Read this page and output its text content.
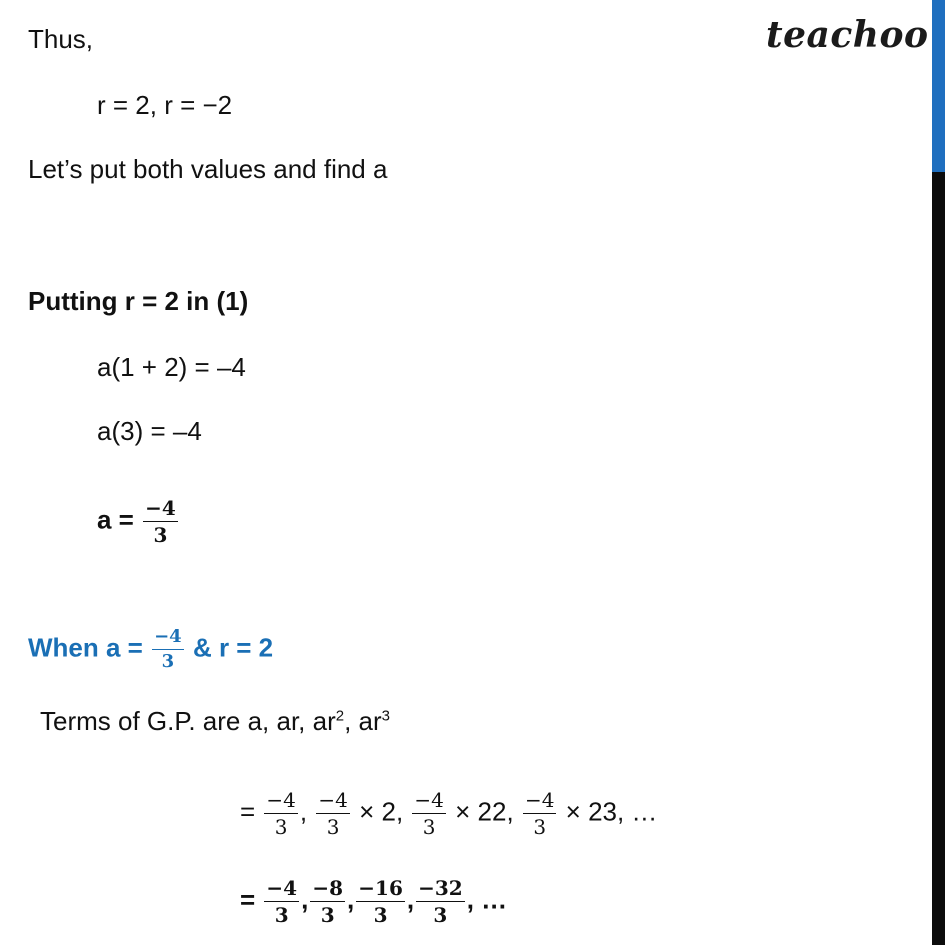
teachoo
Thus,
r = 2, r = −2
Let’s put both values and find a
Putting r = 2 in (1)
a(1 + 2) = –4
a(3) = –4
$a = \frac{-4}{3}$
When $a = \frac{-4}{3}$ & r = 2
Terms of G.P. are a, ar, $ar^2$, $ar^3$
= $\frac{-4}{3}$ , $\frac{-4}{3} \times 2$, $\frac{-4}{3} \times 22$, $\frac{-4}{3} \times 23$, …
= $\frac{-4}{3}$ , $\frac{-8}{3}$ , $\frac{-16}{3}$ , $\frac{-32}{3}$ , …
